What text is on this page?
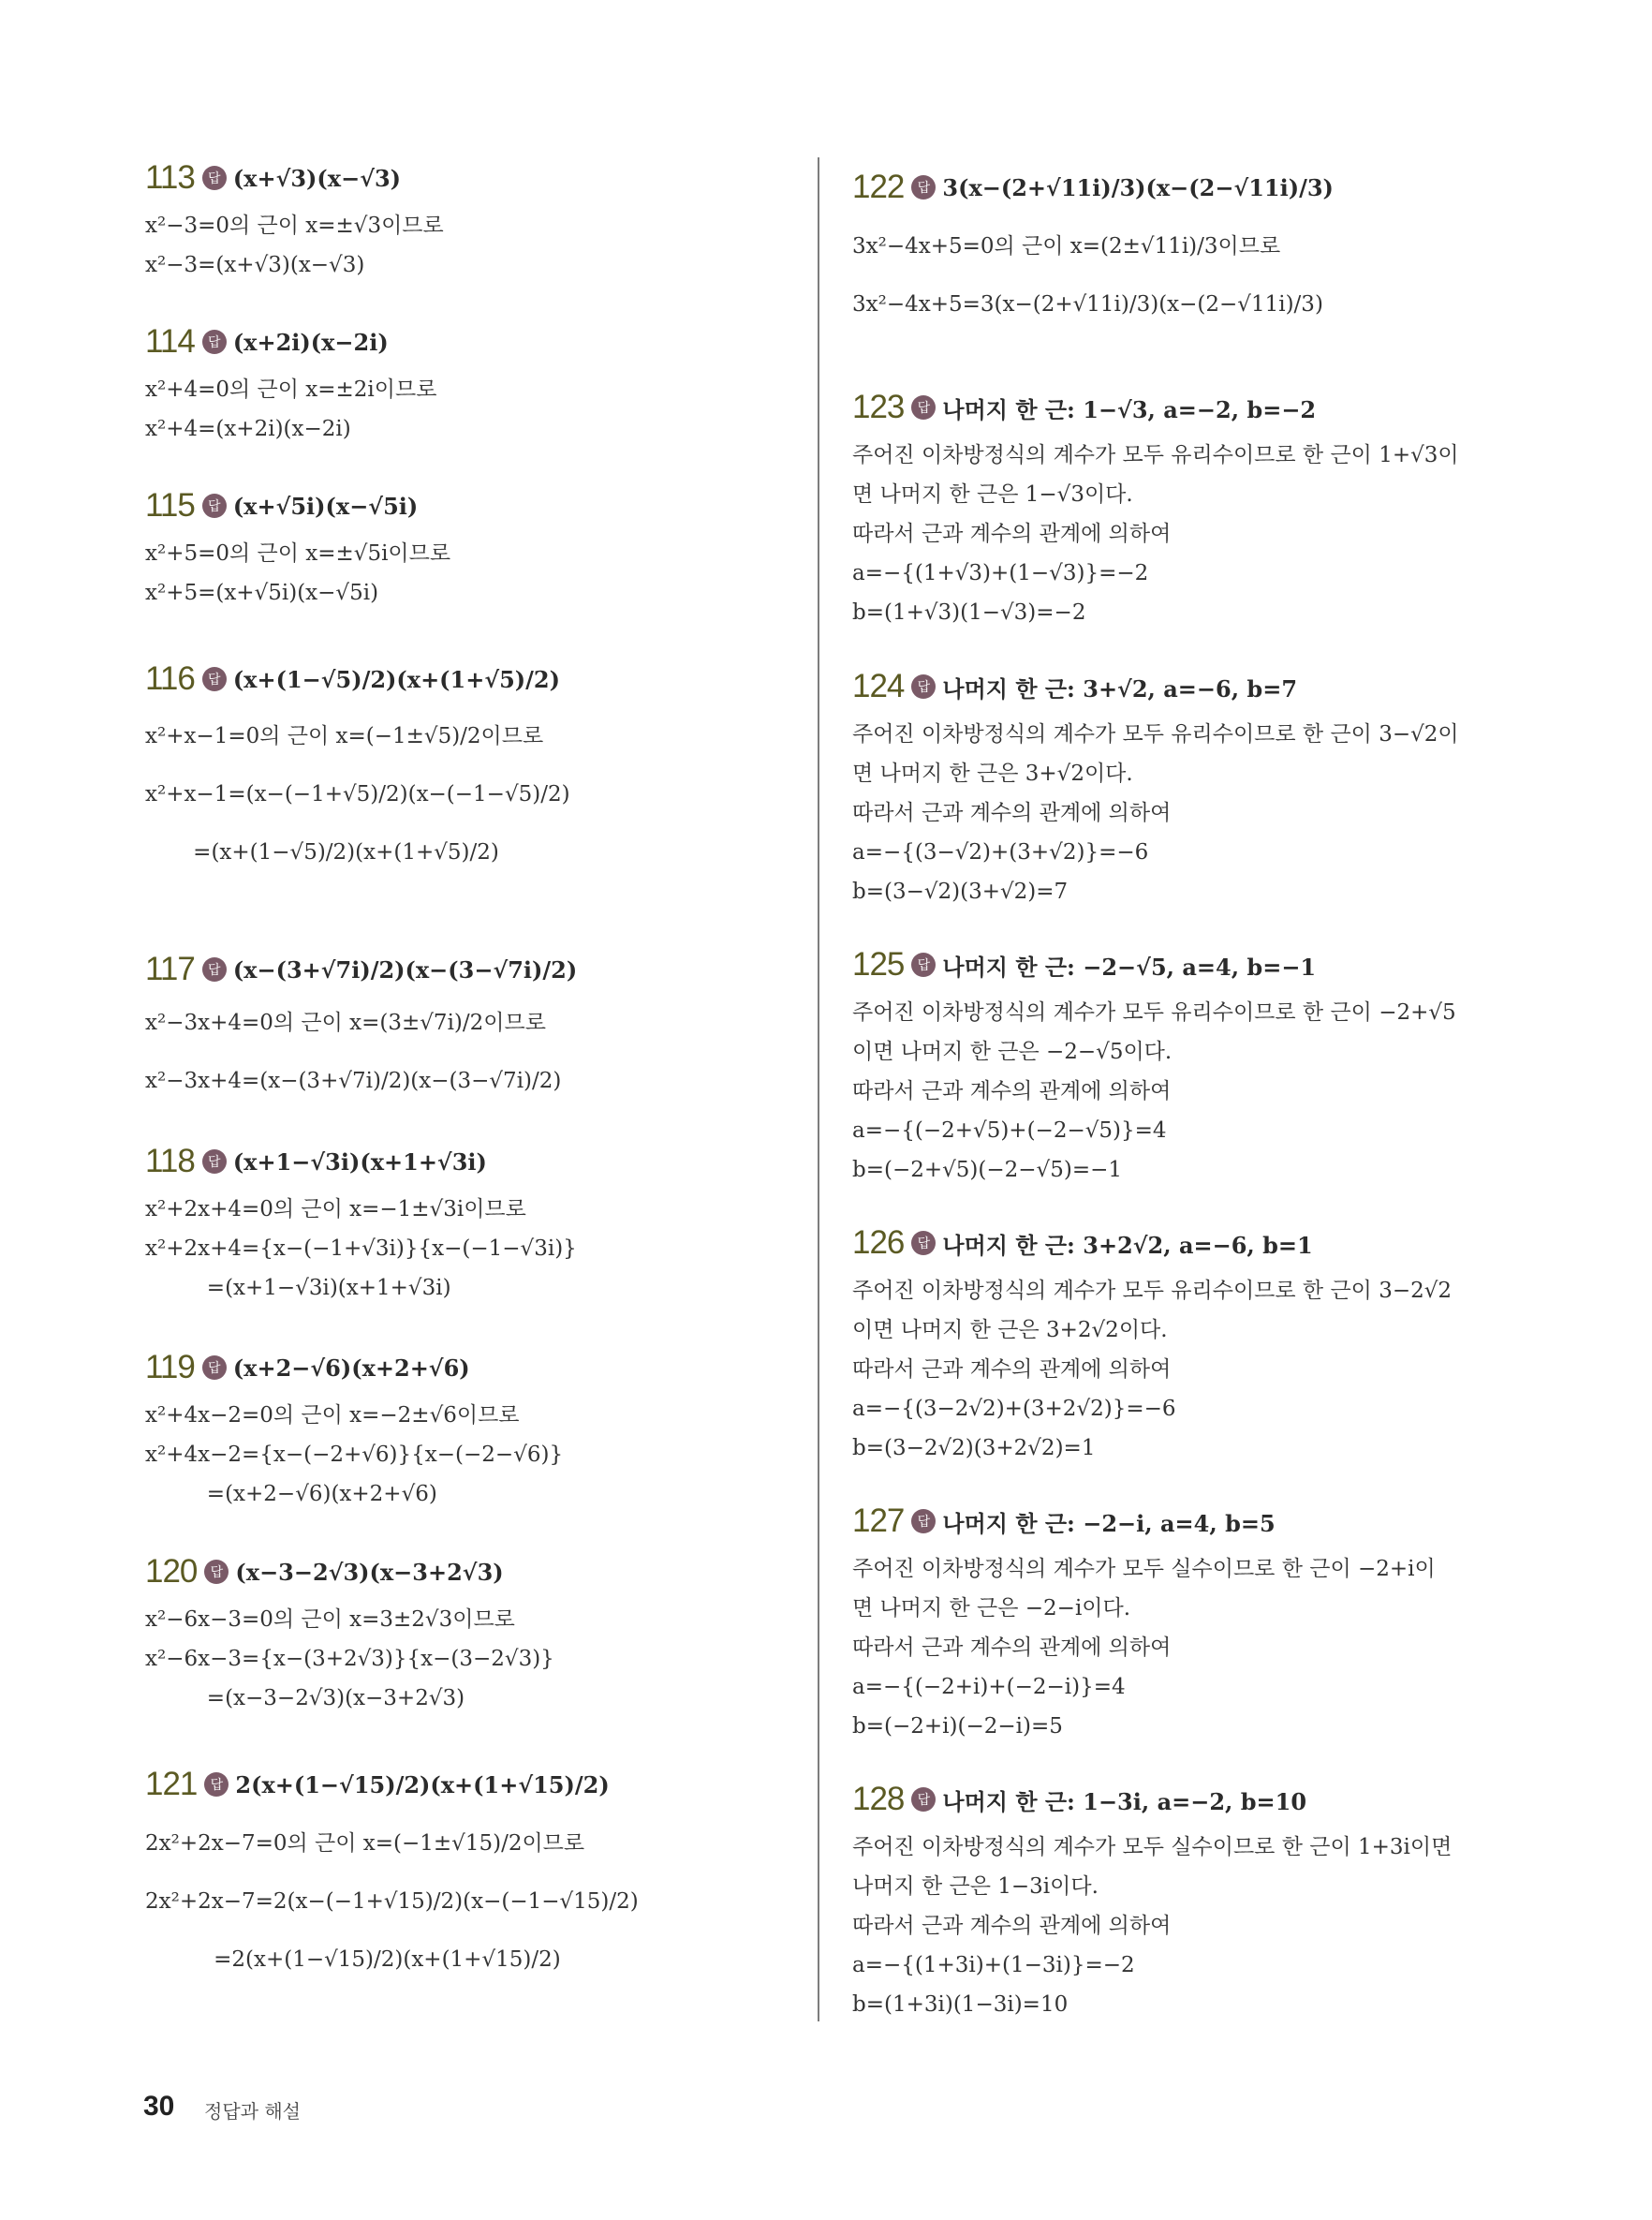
113	답 (x+√3)(x−√3)
x²−3=0의 근이 x=±√3이므로
x²−3=(x+√3)(x−√3)
114	답 (x+2i)(x−2i)
x²+4=0의 근이 x=±2i이므로
x²+4=(x+2i)(x−2i)
115	답 (x+√5i)(x−√5i)
x²+5=0의 근이 x=±√5i이므로
x²+5=(x+√5i)(x−√5i)
116	답 (x+(1−√5)/2)(x+(1+√5)/2)
x²+x−1=0의 근이 x=(−1±√5)/2이므로
x²+x−1=(x−(−1+√5)/2)(x−(−1−√5)/2)
=(x+(1−√5)/2)(x+(1+√5)/2)
117	답 (x−(3+√7i)/2)(x−(3−√7i)/2)
x²−3x+4=0의 근이 x=(3±√7i)/2이므로
x²−3x+4=(x−(3+√7i)/2)(x−(3−√7i)/2)
118	답 (x+1−√3i)(x+1+√3i)
x²+2x+4=0의 근이 x=−1±√3i이므로
x²+2x+4={x−(−1+√3i)}{x−(−1−√3i)}
=(x+1−√3i)(x+1+√3i)
119	답 (x+2−√6)(x+2+√6)
x²+4x−2=0의 근이 x=−2±√6이므로
x²+4x−2={x−(−2+√6)}{x−(−2−√6)}
=(x+2−√6)(x+2+√6)
120	답 (x−3−2√3)(x−3+2√3)
x²−6x−3=0의 근이 x=3±2√3이므로
x²−6x−3={x−(3+2√3)}{x−(3−2√3)}
=(x−3−2√3)(x−3+2√3)
121	답 2(x+(1−√15)/2)(x+(1+√15)/2)
2x²+2x−7=0의 근이 x=(−1±√15)/2이므로
2x²+2x−7=2(x−(−1+√15)/2)(x−(−1−√15)/2)
=2(x+(1−√15)/2)(x+(1+√15)/2)
122	답 3(x−(2+√11i)/3)(x−(2−√11i)/3)
3x²−4x+5=0의 근이 x=(2±√11i)/3이므로
3x²−4x+5=3(x−(2+√11i)/3)(x−(2−√11i)/3)
123	답 나머지 한 근: 1−√3, a=−2, b=−2
주어진 이차방정식의 계수가 모두 유리수이므로 한 근이 1+√3이
면 나머지 한 근은 1−√3이다.
따라서 근과 계수의 관계에 의하여
a=−{(1+√3)+(1−√3)}=−2
b=(1+√3)(1−√3)=−2
124	답 나머지 한 근: 3+√2, a=−6, b=7
주어진 이차방정식의 계수가 모두 유리수이므로 한 근이 3−√2이
면 나머지 한 근은 3+√2이다.
따라서 근과 계수의 관계에 의하여
a=−{(3−√2)+(3+√2)}=−6
b=(3−√2)(3+√2)=7
125	답 나머지 한 근: −2−√5, a=4, b=−1
주어진 이차방정식의 계수가 모두 유리수이므로 한 근이 −2+√5
이면 나머지 한 근은 −2−√5이다.
따라서 근과 계수의 관계에 의하여
a=−{(−2+√5)+(−2−√5)}=4
b=(−2+√5)(−2−√5)=−1
126	답 나머지 한 근: 3+2√2, a=−6, b=1
주어진 이차방정식의 계수가 모두 유리수이므로 한 근이 3−2√2
이면 나머지 한 근은 3+2√2이다.
따라서 근과 계수의 관계에 의하여
a=−{(3−2√2)+(3+2√2)}=−6
b=(3−2√2)(3+2√2)=1
127	답 나머지 한 근: −2−i, a=4, b=5
주어진 이차방정식의 계수가 모두 실수이므로 한 근이 −2+i이
면 나머지 한 근은 −2−i이다.
따라서 근과 계수의 관계에 의하여
a=−{(−2+i)+(−2−i)}=4
b=(−2+i)(−2−i)=5
128	답 나머지 한 근: 1−3i, a=−2, b=10
주어진 이차방정식의 계수가 모두 실수이므로 한 근이 1+3i이면
나머지 한 근은 1−3i이다.
따라서 근과 계수의 관계에 의하여
a=−{(1+3i)+(1−3i)}=−2
b=(1+3i)(1−3i)=10
30 정답과 해설
